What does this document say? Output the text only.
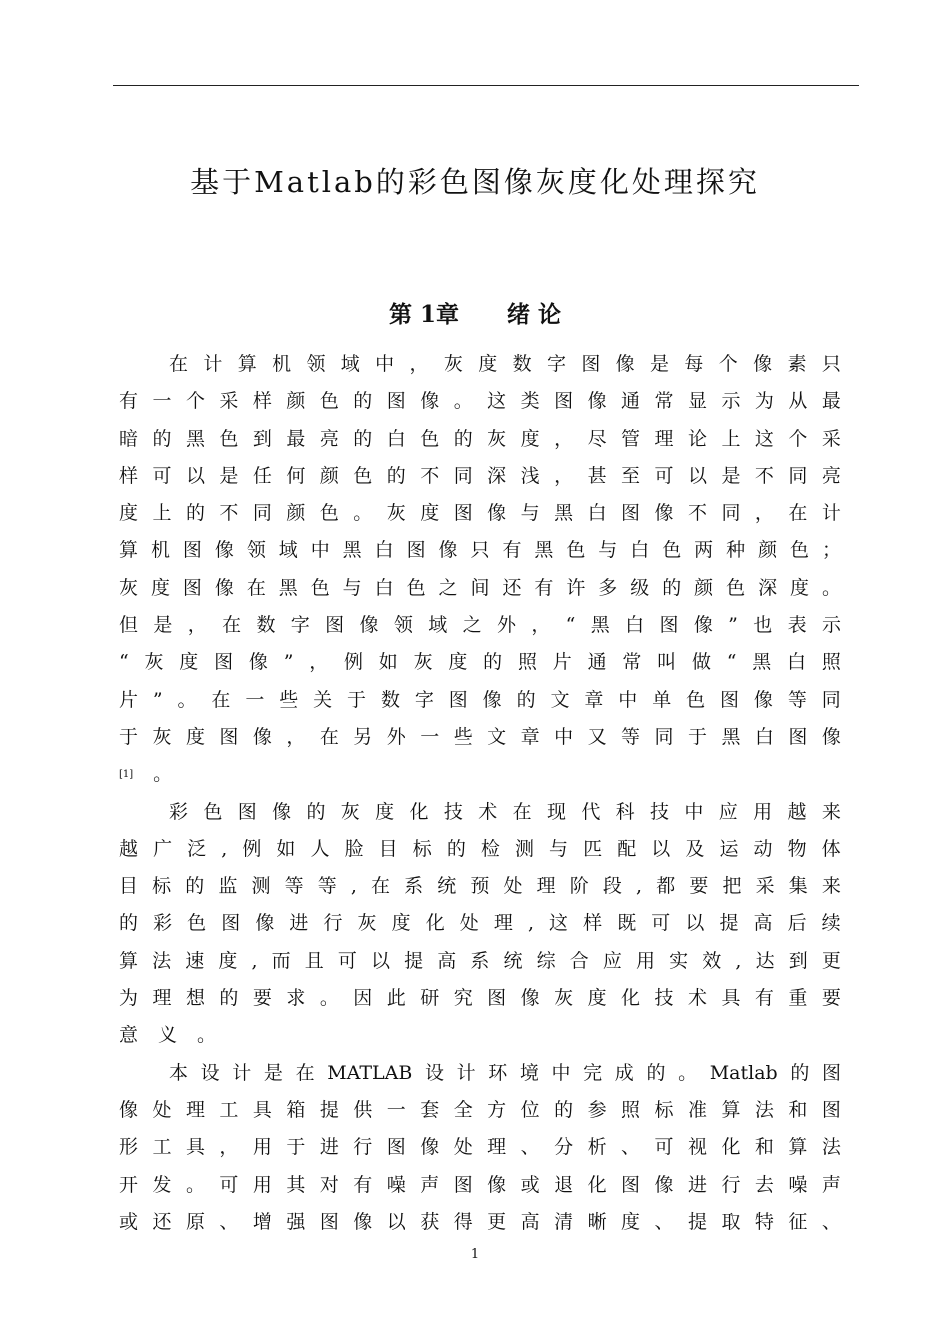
基于Matlab的彩色图像灰度化处理探究
第 1章      绪 论
在 计 算 机 领 域 中 ， 灰 度 数 字 图 像 是 每 个 像 素 只
有 一 个 采 样 颜 色 的 图 像 。 这 类 图 像 通 常 显 示 为 从 最
暗 的 黑 色 到 最 亮 的 白 色 的 灰 度 ， 尽 管 理 论 上 这 个 采
样 可 以 是 任 何 颜 色 的 不 同 深 浅 ， 甚 至 可 以 是 不 同 亮
度 上 的 不 同 颜 色 。 灰 度 图 像 与 黑 白 图 像 不 同 ， 在 计
算 机 图 像 领 域 中 黑 白 图 像 只 有 黑 色 与 白 色 两 种 颜 色 ；
灰 度 图 像 在 黑 色 与 白 色 之 间 还 有 许 多 级 的 颜 色 深 度 。
但 是 ， 在 数 字 图 像 领 域 之 外 ， “ 黑 白 图 像 ” 也 表 示
“ 灰 度 图 像 ” ， 例 如 灰 度 的 照 片 通 常 叫 做 “ 黑 白 照
片 ” 。 在 一 些 关 于 数 字 图 像 的 文 章 中 单 色 图 像 等 同
于 灰 度 图 像 ， 在 另 外 一 些 文 章 中 又 等 同 于 黑 白 图 像
[1] 。
彩 色 图 像 的 灰 度 化 技 术 在 现 代 科 技 中 应 用 越 来
越 广 泛 , 例 如 人 脸 目 标 的 检 测 与 匹 配 以 及 运 动 物 体
目 标 的 监 测 等 等 , 在 系 统 预 处 理 阶 段 , 都 要 把 采 集 来
的 彩 色 图 像 进 行 灰 度 化 处 理 , 这 样 既 可 以 提 高 后 续
算 法 速 度 , 而 且 可 以 提 高 系 统 综 合 应 用 实 效 , 达 到 更
为 理 想 的 要 求 。 因 此 研 究 图 像 灰 度 化 技 术 具 有 重 要
意 义 。
本 设 计 是 在 MATLAB 设 计 环 境 中 完 成 的 。 Matlab 的 图
像 处 理 工 具 箱 提 供 一 套 全 方 位 的 参 照 标 准 算 法 和 图
形 工 具 ， 用 于 进 行 图 像 处 理 、 分 析 、 可 视 化 和 算 法
开 发 。 可 用 其 对 有 噪 声 图 像 或 退 化 图 像 进 行 去 噪 声
或 还 原 、 增 强 图 像 以 获 得 更 高 清 晰 度 、 提 取 特 征 、
1
